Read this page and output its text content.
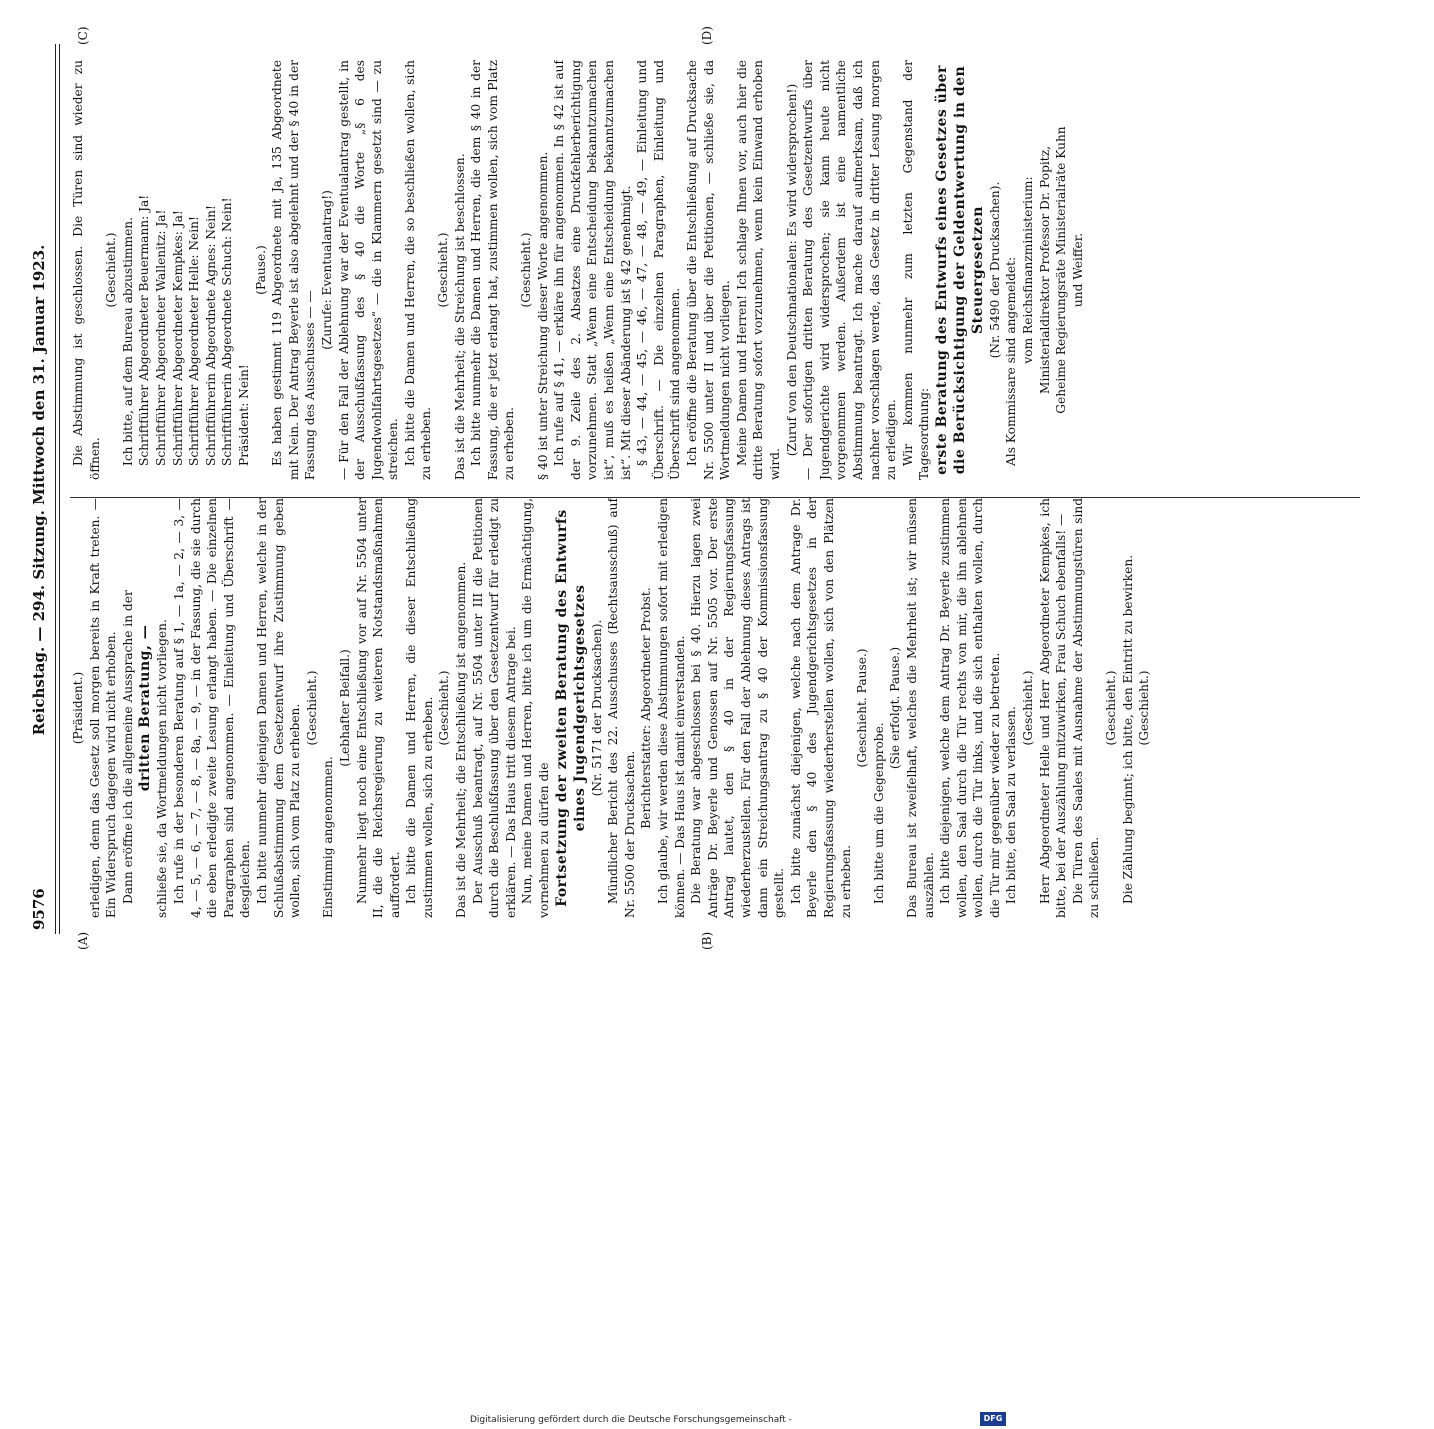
9576
Reichstag. — 294. Sitzung. Mittwoch den 31. Januar 1923.
(A)	(B)
(C)	(D)

(Präsident.) erledigen, denn das Gesetz soll morgen bereits in Kraft treten. — Ein Widerspruch dagegen wird nicht erhoben. Dann eröffne ich die allgemeine Aussprache in der dritten Beratung, — schließe sie, da Wortmeldungen nicht vorliegen. Ich rufe in der besonderen Beratung auf § 1, — 1a, — 2, — 3, — 4, — 5, — 6, — 7, — 8, — 8a, — 9, — in der Fassung, die sie durch die eben erledigte zweite Lesung erlangt haben. — Die einzelnen Paragraphen sind angenommen. — Einleitung und Überschrift — desgleichen. Ich bitte nunmehr diejenigen Damen und Herren, welche in der Schlußabstimmung dem Gesetzentwurf ihre Zustimmung geben wollen, sich vom Platz zu erheben. (Geschieht.)

Einstimmig angenommen.

(Lebhafter Beifall.) Nunmehr liegt noch eine Entschließung vor auf Nr. 5504 unter II, die die Reichsregierung zu weiteren Notstandsmaßnahmen auffordert. Ich bitte die Damen und Herren, die dieser Entschließung zustimmen wollen, sich zu erheben. (Geschieht.) Das ist die Mehrheit; die Entschließung ist angenommen. Der Ausschuß beantragt, auf Nr. 5504 unter III die Petitionen durch die Beschlußfassung über den Gesetzentwurf für erledigt zu erklären. — Das Haus tritt diesem Antrage bei. Nun, meine Damen und Herren, bitte ich um die Ermächtigung, vornehmen zu dürfen die Fortsetzung der zweiten Beratung des Entwurfs eines Jugendgerichtsgesetzes (Nr. 5171 der Drucksachen). Mündlicher Bericht des 22. Ausschusses (Rechtsausschuß) auf Nr. 5500 der Drucksachen.

Berichterstatter: Abgeordneter Probst. Ich glaube, wir werden diese Abstimmungen sofort mit erledigen können. — Das Haus ist damit einverstanden. Die Beratung war abgeschlossen bei § 40. Hierzu lagen zwei Anträge Dr. Beyerle und Genossen auf Nr. 5505 vor. Der erste Antrag lautet, den § 40 in der Regierungsfassung wiederherzustellen. Für den Fall der Ablehnung dieses Antrags ist dann ein Streichungsantrag zu § 40 der Kommissionsfassung gestellt. Ich bitte zunächst diejenigen, welche nach dem Antrage Dr. Beyerle den § 40 des Jugendgerichtsgesetzes in der Regierungsfassung wiederherstellen wollen, sich von den Plätzen zu erheben.

(Geschieht. Pause.)

Ich bitte um die Gegenprobe.

(Sie erfolgt. Pause.) Das Bureau ist zweifelhaft, welches die Mehrheit ist; wir müssen auszählen. Ich bitte diejenigen, welche dem Antrag Dr. Beyerle zustimmen wollen, den Saal durch die Tür rechts von mir, die ihn ablehnen wollen, durch die Tür links, und die sich enthalten wollen, durch die Tür mir gegenüber wieder zu betreten. Ich bitte, den Saal zu verlassen. (Geschieht.) Herr Abgeordneter Helle und Herr Abgeordneter Kempkes, ich bitte, bei der Auszählung mitzuwirken, Frau Schuch ebenfalls! — Die Türen des Saales mit Ausnahme der Abstimmungstüren sind zu schließen.

(Geschieht.) Die Zählung beginnt; ich bitte, den Eintritt zu bewirken. (Geschieht.)

Die Abstimmung ist geschlossen. Die Türen sind wieder zu öffnen.

(Geschieht.) Ich bitte, auf dem Bureau abzustimmen. Schriftführer Abgeordneter Beuermann: Ja! Schriftführer Abgeordneter Wallenitz: Ja! Schriftführer Abgeordneter Kempkes: Ja! Schriftführer Abgeordneter Helle: Nein! Schriftführerin Abgeordnete Agnes: Nein! Schriftführerin Abgeordnete Schuch: Nein! Präsident: Nein!

(Pause.) Es haben gestimmt 119 Abgeordnete mit Ja, 135 Abgeordnete mit Nein. Der Antrag Beyerle ist also abgelehnt und der § 40 in der Fassung des Ausschusses — —

(Zurufe: Eventualantrag!) — Für den Fall der Ablehnung war der Eventualantrag gestellt, in der Ausschußfassung des § 40 die Worte „§ 6 des Jugendwohlfahrtsgesetzes“ — die in Klammern gesetzt sind — zu streichen. Ich bitte die Damen und Herren, die so beschließen wollen, sich zu erheben.

(Geschieht.) Das ist die Mehrheit; die Streichung ist beschlossen. Ich bitte nunmehr die Damen und Herren, die dem § 40 in der Fassung, die er jetzt erlangt hat, zustimmen wollen, sich vom Platz zu erheben.

(Geschieht.) § 40 ist unter Streichung dieser Worte angenommen. Ich rufe auf § 41, — erkläre ihn für angenommen. In § 42 ist auf der 9. Zeile des 2. Absatzes eine Druckfehlerberichtigung vorzunehmen. Statt „Wenn eine Entscheidung bekanntzumachen ist“, muß es heißen „Wenn eine Entscheidung bekanntzumachen ist“. Mit dieser Abänderung ist § 42 genehmigt. § 43, — 44, — 45, — 46, — 47, — 48, — 49, — Einleitung und Überschrift. — Die einzelnen Paragraphen, Einleitung und Überschrift sind angenommen. Ich eröffne die Beratung über die Entschließung auf Drucksache Nr. 5500 unter II und über die Petitionen, — schließe sie, da Wortmeldungen nicht vorliegen. Meine Damen und Herren! Ich schlage Ihnen vor, auch hier die dritte Beratung sofort vorzunehmen, wenn kein Einwand erhoben wird.

(Zuruf von den Deutschnationalen: Es wird widersprochen!) — Der sofortigen dritten Beratung des Gesetzentwurfs über Jugendgerichte wird widersprochen; sie kann heute nicht vorgenommen werden. Außerdem ist eine namentliche Abstimmung beantragt. Ich mache darauf aufmerksam, daß ich nachher vorschlagen werde, das Gesetz in dritter Lesung morgen zu erledigen. Wir kommen nunmehr zum letzten Gegenstand der Tagesordnung: erste Beratung des Entwurfs eines Gesetzes über die Berücksichtigung der Geldentwertung in den Steuergesetzen (Nr. 5490 der Drucksachen). Als Kommissare sind angemeldet: vom Reichsfinanzministerium: Ministerialdirektor Professor Dr. Popitz, Geheime Regierungsräte Ministerialräte Kuhn und Weiffer.

Digitalisierung gefördert durch die Deutsche Forschungsgemeinschaft -	DFG
